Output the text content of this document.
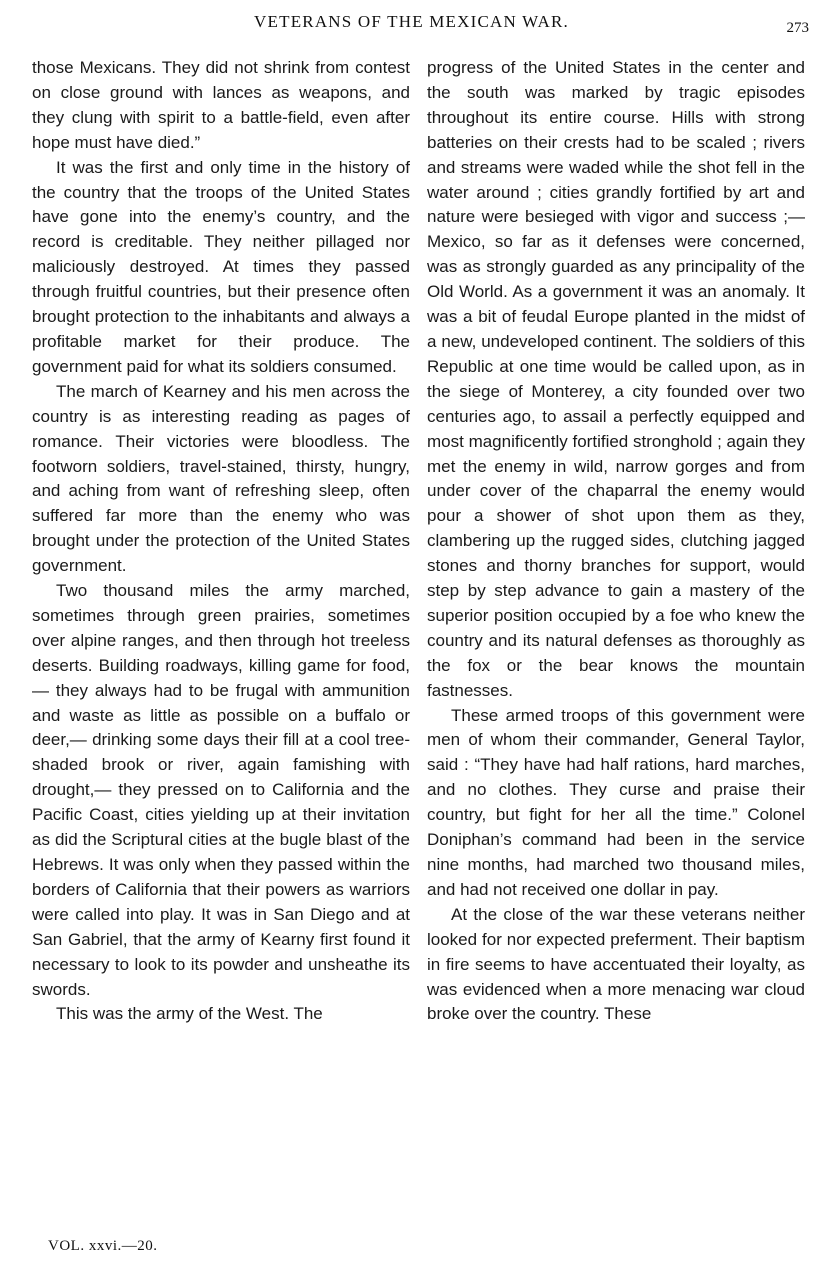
VETERANS OF THE MEXICAN WAR.	273

those Mexicans. They did not shrink from contest on close ground with lances as weapons, and they clung with spirit to a battle-field, even after hope must have died.”

It was the first and only time in the history of the country that the troops of the United States have gone into the enemy’s country, and the record is creditable. They neither pillaged nor maliciously destroyed. At times they passed through fruitful countries, but their presence often brought protection to the inhabitants and always a profitable market for their produce. The government paid for what its soldiers consumed.

The march of Kearney and his men across the country is as interesting reading as pages of romance. Their victories were bloodless. The footworn soldiers, travel-stained, thirsty, hungry, and aching from want of refreshing sleep, often suffered far more than the enemy who was brought under the protection of the United States government.

Two thousand miles the army marched, sometimes through green prairies, sometimes over alpine ranges, and then through hot treeless deserts. Building roadways, killing game for food,— they always had to be frugal with ammunition and waste as little as possible on a buffalo or deer,— drinking some days their fill at a cool tree-shaded brook or river, again famishing with drought,— they pressed on to California and the Pacific Coast, cities yielding up at their invitation as did the Scriptural cities at the bugle blast of the Hebrews. It was only when they passed within the borders of California that their powers as warriors were called into play. It was in San Diego and at San Gabriel, that the army of Kearny first found it necessary to look to its powder and unsheathe its swords.

This was the army of the West. The

progress of the United States in the center and the south was marked by tragic episodes throughout its entire course. Hills with strong batteries on their crests had to be scaled ; rivers and streams were waded while the shot fell in the water around ; cities grandly fortified by art and nature were besieged with vigor and success ;— Mexico, so far as it defenses were concerned, was as strongly guarded as any principality of the Old World. As a government it was an anomaly. It was a bit of feudal Europe planted in the midst of a new, undeveloped continent. The soldiers of this Republic at one time would be called upon, as in the siege of Monterey, a city founded over two centuries ago, to assail a perfectly equipped and most magnificently fortified stronghold ; again they met the enemy in wild, narrow gorges and from under cover of the chaparral the enemy would pour a shower of shot upon them as they, clambering up the rugged sides, clutching jagged stones and thorny branches for support, would step by step advance to gain a mastery of the superior position occupied by a foe who knew the country and its natural defenses as thoroughly as the fox or the bear knows the mountain fastnesses.

These armed troops of this government were men of whom their commander, General Taylor, said : “They have had half rations, hard marches, and no clothes. They curse and praise their country, but fight for her all the time.” Colonel Doniphan’s command had been in the service nine months, had marched two thousand miles, and had not received one dollar in pay.

At the close of the war these veterans neither looked for nor expected preferment. Their baptism in fire seems to have accentuated their loyalty, as was evidenced when a more menacing war cloud broke over the country. These

VOL. xxvi.—20.
